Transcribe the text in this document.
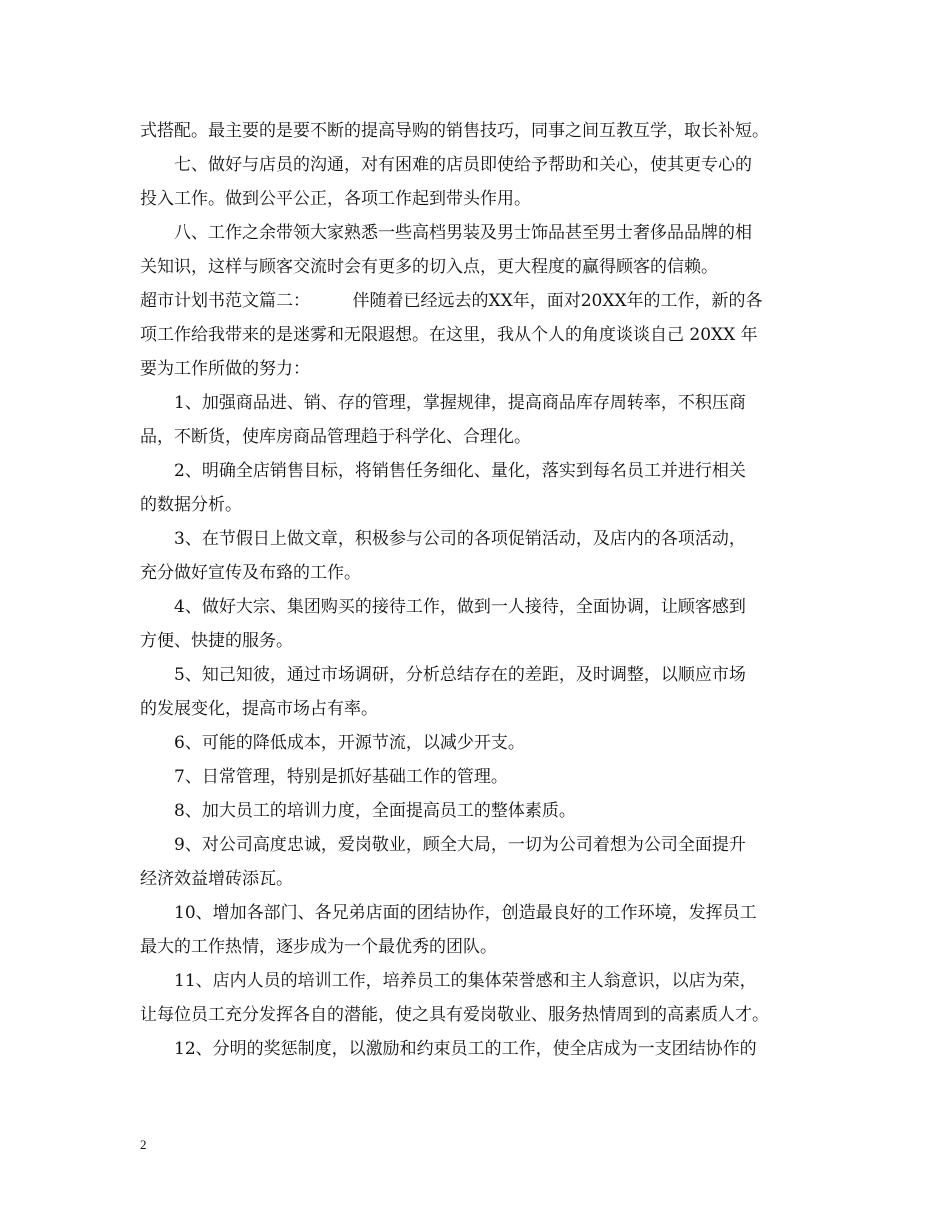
式搭配。最主要的是要不断的提高导购的销售技巧，同事之间互教互学，取长补短。
七、做好与店员的沟通，对有困难的店员即使给予帮助和关心，使其更专心的
投入工作。做到公平公正，各项工作起到带头作用。
八、工作之余带领大家熟悉一些高档男装及男士饰品甚至男士奢侈品品牌的相
关知识，这样与顾客交流时会有更多的切入点，更大程度的赢得顾客的信赖。
超市计划书范文篇二：　　　伴随着已经远去的XX年，面对20XX年的工作，新的各
项工作给我带来的是迷雾和无限遐想。在这里，我从个人的角度谈谈自己 20XX 年
要为工作所做的努力：
1、加强商品进、销、存的管理，掌握规律，提高商品库存周转率，不积压商
品，不断货，使库房商品管理趋于科学化、合理化。
2、明确全店销售目标，将销售任务细化、量化，落实到每名员工并进行相关
的数据分析。
3、在节假日上做文章，积极参与公司的各项促销活动，及店内的各项活动，
充分做好宣传及布臵的工作。
4、做好大宗、集团购买的接待工作，做到一人接待，全面协调，让顾客感到
方便、快捷的服务。
5、知己知彼，通过市场调研，分析总结存在的差距，及时调整，以顺应市场
的发展变化，提高市场占有率。
6、可能的降低成本，开源节流，以减少开支。
7、日常管理，特别是抓好基础工作的管理。
8、加大员工的培训力度，全面提高员工的整体素质。
9、对公司高度忠诚，爱岗敬业，顾全大局，一切为公司着想为公司全面提升
经济效益增砖添瓦。
10、增加各部门、各兄弟店面的团结协作，创造最良好的工作环境，发挥员工
最大的工作热情，逐步成为一个最优秀的团队。
11、店内人员的培训工作，培养员工的集体荣誉感和主人翁意识，以店为荣，
让每位员工充分发挥各自的潜能，使之具有爱岗敬业、服务热情周到的高素质人才。
12、分明的奖惩制度，以激励和约束员工的工作，使全店成为一支团结协作的
2
